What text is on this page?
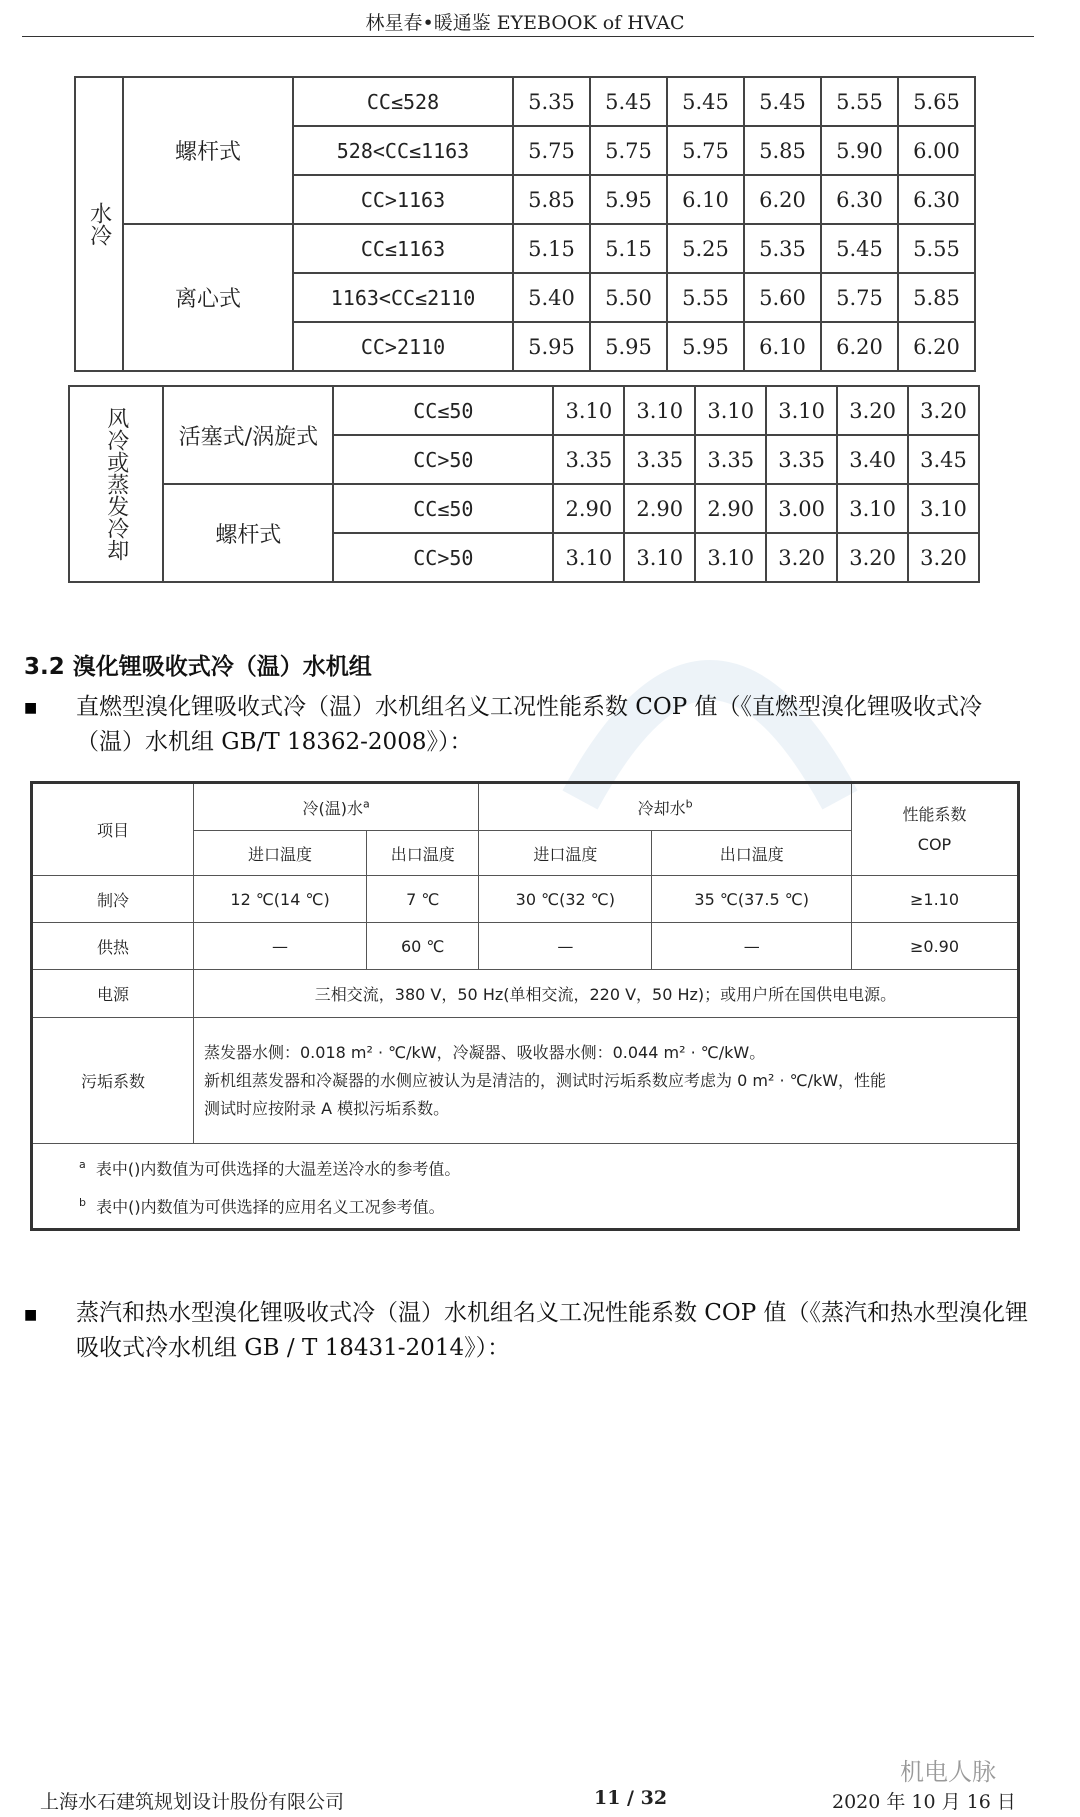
林星春•暖通鉴 EYEBOOK of HVAC
水冷	螺杆式	CC≤528	5.35	5.45	5.45	5.45	5.55	5.65
		528<CC≤1163	5.75	5.75	5.75	5.85	5.90	6.00
		CC>1163	5.85	5.95	6.10	6.20	6.30	6.30
	离心式	CC≤1163	5.15	5.15	5.25	5.35	5.45	5.55
		1163<CC≤2110	5.40	5.50	5.55	5.60	5.75	5.85
		CC>2110	5.95	5.95	5.95	6.10	6.20	6.20
风冷或蒸发冷却	活塞式/涡旋式	CC≤50	3.10	3.10	3.10	3.10	3.20	3.20
		CC>50	3.35	3.35	3.35	3.35	3.40	3.45
	螺杆式	CC≤50	2.90	2.90	2.90	3.00	3.10	3.10
		CC>50	3.10	3.10	3.10	3.20	3.20	3.20
3.2 溴化锂吸收式冷（温）水机组
■ 直燃型溴化锂吸收式冷（温）水机组名义工况性能系数 COP 值（《直燃型溴化锂吸收式冷（温）水机组 GB/T 18362-2008》）：
项目	冷(温)水$^a$		冷却水$^b$		性能系数
COP

	进口温度	出口温度	进口温度	出口温度	
制冷	12 ℃(14 ℃)	7 ℃	30 ℃(32 ℃)	35 ℃(37.5 ℃)	≥1.10
供热	—	60 ℃	—	—	≥0.90
电源	三相交流，380 V，50 Hz(单相交流，220 V，50 Hz)；或用户所在国供电电源。				
污垢系数	蒸发器水侧：0.018 m² · ℃/kW，冷凝器、吸收器水侧：0.044 m² · ℃/kW。
新机组蒸发器和冷凝器的水侧应被认为是清洁的，测试时污垢系数应考虑为 0 m² · ℃/kW，性能
测试时应按附录 A 模拟污垢系数。				

$^a$ 表中()内数值为可供选择的大温差送冷水的参考值。
$^b$ 表中()内数值为可供选择的应用名义工况参考值。					
■ 蒸汽和热水型溴化锂吸收式冷（温）水机组名义工况性能系数 COP 值（《蒸汽和热水型溴化锂吸收式冷水机组 GB / T 18431-2014》）：
机电人脉
上海水石建筑规划设计股份有限公司	11 / 32	2020 年 10 月 16 日
